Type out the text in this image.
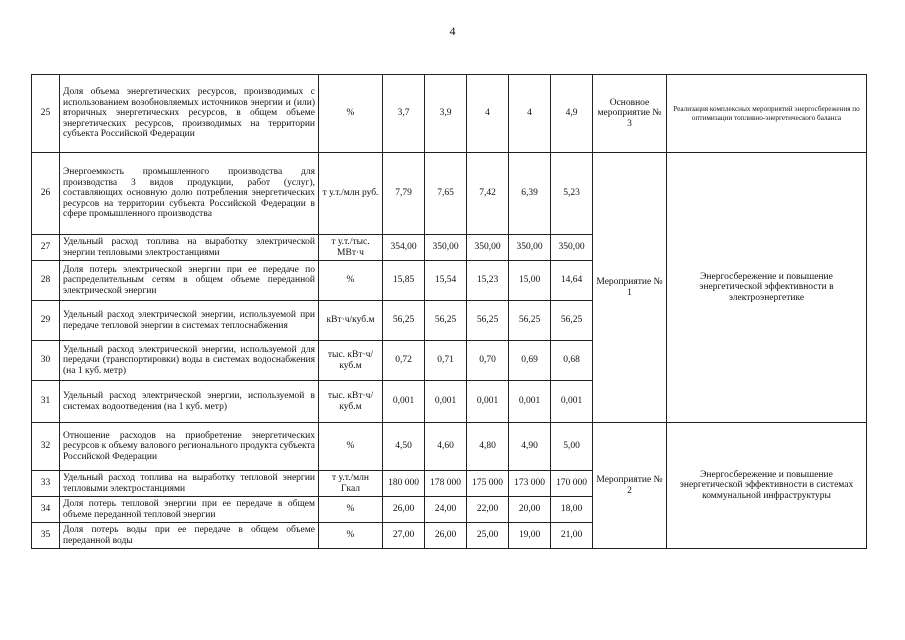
4
25	Доля объема энергетических ресурсов, производимых с использованием возобновляемых источников энергии и (или) вторичных энергетических ресурсов, в общем объеме энергетических ресурсов, производимых на территории субъекта Российской Федерации	%	3,7	3,9	4	4	4,9	Основное мероприятие № 3	Реализация комплексных мероприятий энергосбережения по оптимизации топливно-энергетического баланса
26	Энергоемкость промышленного производства для производства 3 видов продукции, работ (услуг), составляющих основную долю потребления энергетических ресурсов на территории субъекта Российской Федерации в сфере промышленного производства	т у.т./млн руб.	7,79	7,65	7,42	6,39	5,23	Мероприятие № 1	Энергосбережение и повышение энергетической эффективности в электроэнергетике
27	Удельный расход топлива на выработку электрической энергии тепловыми электростанциями	т у.т./тыс. МВт·ч	354,00	350,00	350,00	350,00	350,00		
28	Доля потерь электрической энергии при ее передаче по распределительным сетям в общем объеме переданной электрической энергии	%	15,85	15,54	15,23	15,00	14,64		
29	Удельный расход электрической энергии, используемой при передаче тепловой энергии в системах теплоснабжения	кВт·ч/куб.м	56,25	56,25	56,25	56,25	56,25		
30	Удельный расход электрической энергии, используемой для передачи (транспортировки) воды в системах водоснабжения (на 1 куб. метр)	тыс. кВт·ч/куб.м	0,72	0,71	0,70	0,69	0,68		
31	Удельный расход электрической энергии, используемой в системах водоотведения (на 1 куб. метр)	тыс. кВт·ч/куб.м	0,001	0,001	0,001	0,001	0,001		
32	Отношение расходов на приобретение энергетических ресурсов к объему валового регионального продукта субъекта Российской Федерации	%	4,50	4,60	4,80	4,90	5,00	Мероприятие № 2	Энергосбережение и повышение энергетической эффективности в системах коммунальной инфраструктуры
33	Удельный расход топлива на выработку тепловой энергии тепловыми электростанциями	т у.т./млн Гкал	180 000	178 000	175 000	173 000	170 000		
34	Доля потерь тепловой энергии при ее передаче в общем объеме переданной тепловой энергии	%	26,00	24,00	22,00	20,00	18,00		
35	Доля потерь воды при ее передаче в общем объеме переданной воды	%	27,00	26,00	25,00	19,00	21,00		
